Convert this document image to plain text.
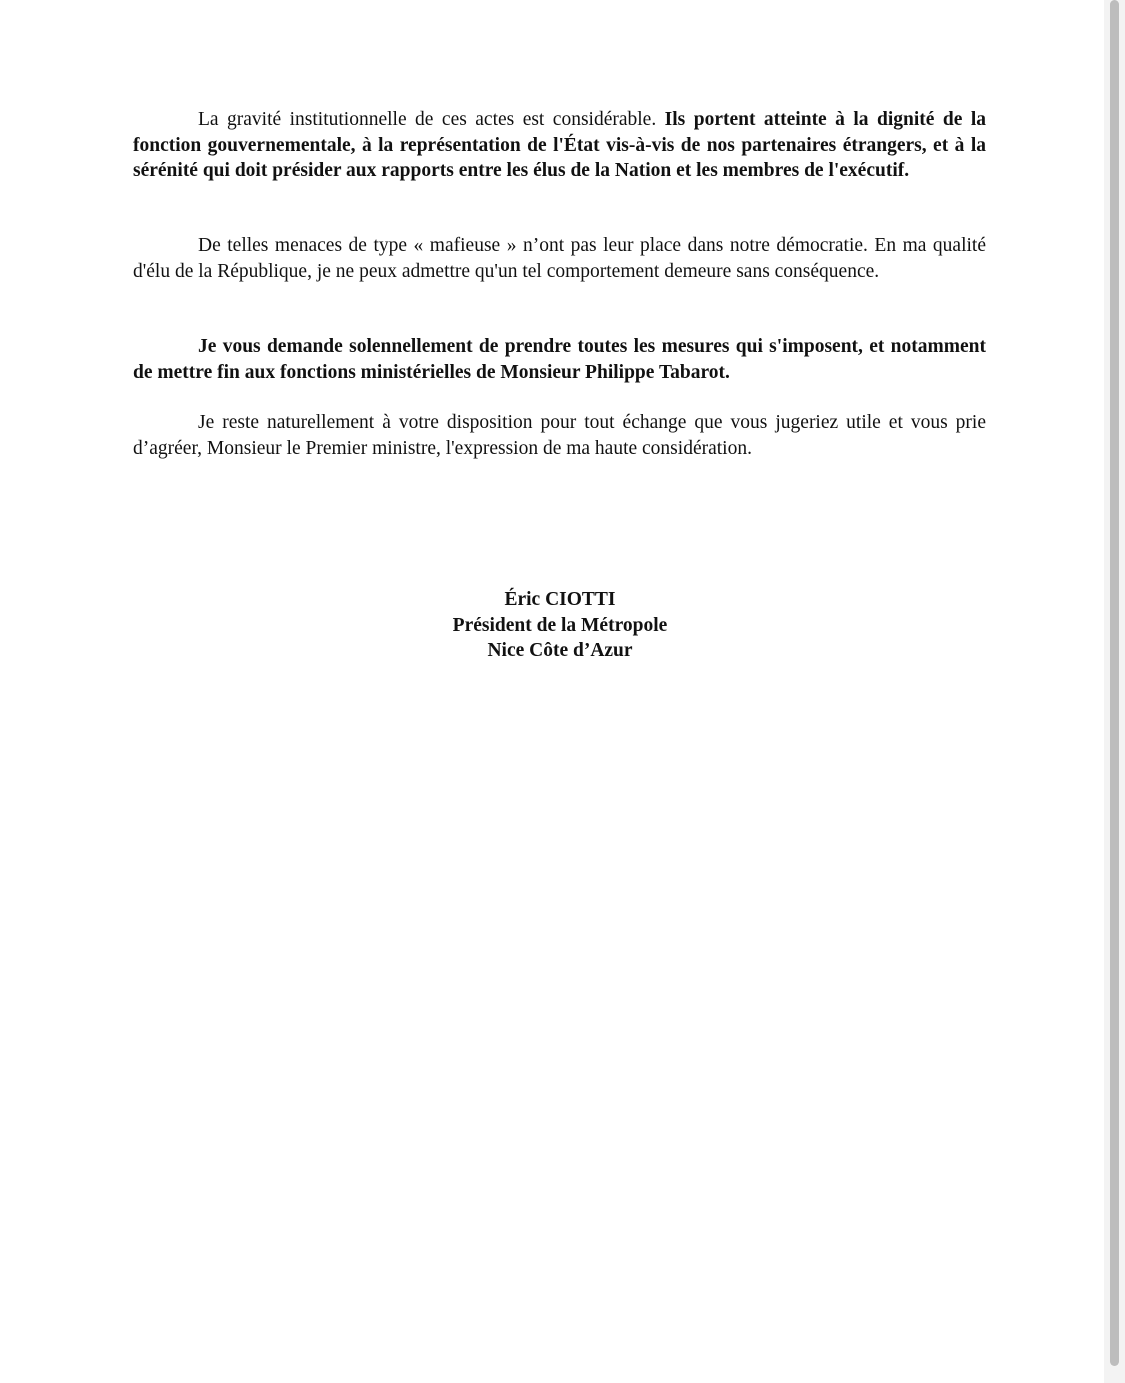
La gravité institutionnelle de ces actes est considérable. Ils portent atteinte à la dignité de la fonction gouvernementale, à la représentation de l'État vis-à-vis de nos partenaires étrangers, et à la sérénité qui doit présider aux rapports entre les élus de la Nation et les membres de l'exécutif.

De telles menaces de type « mafieuse » n’ont pas leur place dans notre démocratie. En ma qualité d'élu de la République, je ne peux admettre qu'un tel comportement demeure sans conséquence.

Je vous demande solennellement de prendre toutes les mesures qui s'imposent, et notamment de mettre fin aux fonctions ministérielles de Monsieur Philippe Tabarot.

Je reste naturellement à votre disposition pour tout échange que vous jugeriez utile et vous prie d’agréer, Monsieur le Premier ministre, l'expression de ma haute considération.

Éric CIOTTI
Président de la Métropole
Nice Côte d’Azur
